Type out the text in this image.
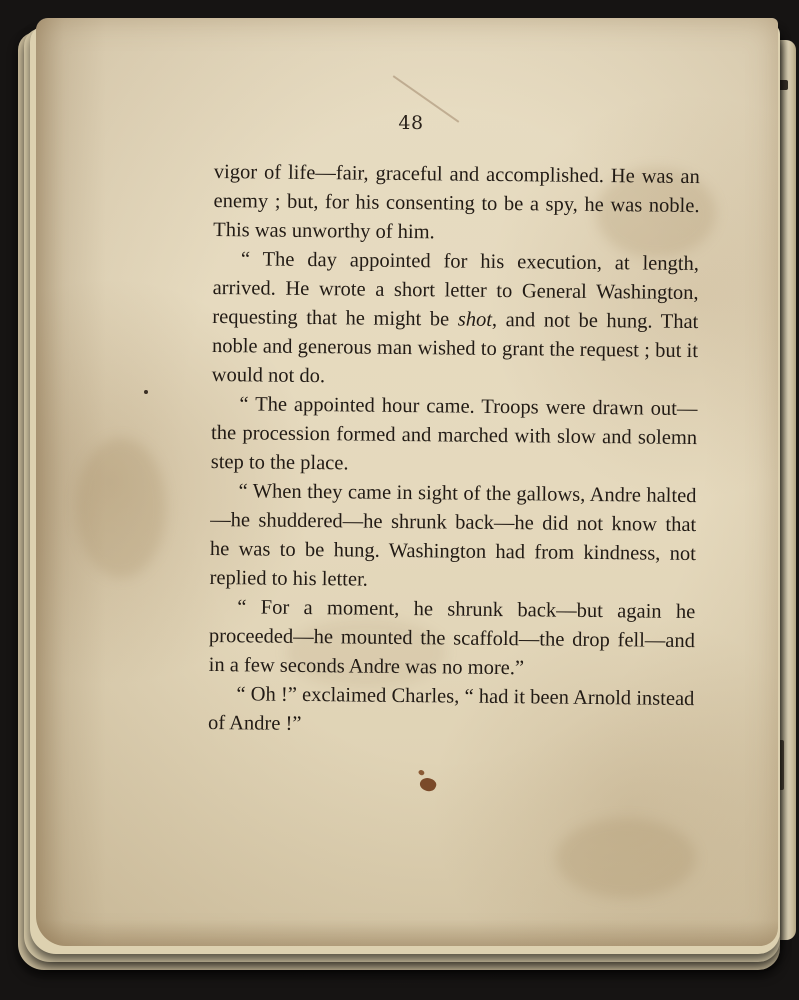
48

vigor of life—fair, graceful and accomplished. He was an enemy ; but, for his consenting to be a spy, he was noble. This was unworthy of him.

“ The day appointed for his execution, at length, arrived. He wrote a short letter to General Washington, requesting that he might be shot, and not be hung. That noble and generous man wished to grant the request ; but it would not do.

“ The appointed hour came. Troops were drawn out—the procession formed and marched with slow and solemn step to the place.

“ When they came in sight of the gallows, Andre halted—he shuddered—he shrunk back—he did not know that he was to be hung. Washington had from kindness, not replied to his letter.

“ For a moment, he shrunk back—but again he proceeded—he mounted the scaffold—the drop fell—and in a few seconds Andre was no more.”

“ Oh !” exclaimed Charles, “ had it been Arnold instead of Andre !”
